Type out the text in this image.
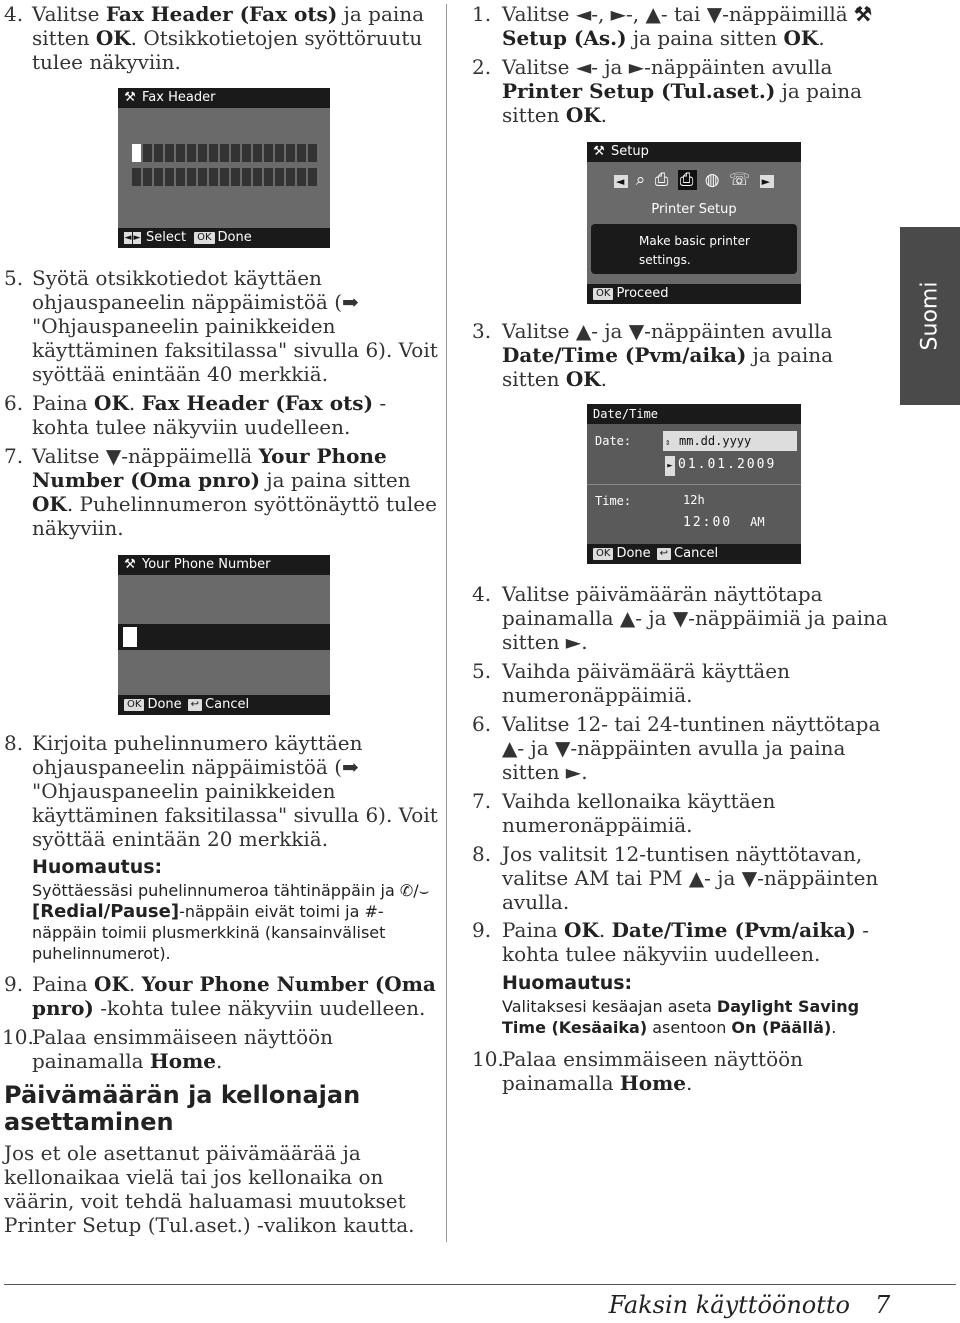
4. Valitse Fax Header (Fax ots) ja paina sitten OK. Otsikkotietojen syöttöruutu tulee näkyviin.
⚒ Fax Header
◄ ► Select OK Done
5. Syötä otsikkotiedot käyttäen ohjauspaneelin näppäimistöä (➡ "Ohjauspaneelin painikkeiden käyttäminen faksitilassa" sivulla 6). Voit syöttää enintään 40 merkkiä.
6. Paina OK. Fax Header (Fax ots) -kohta tulee näkyviin uudelleen.
7. Valitse ▼-näppäimellä Your Phone Number (Oma pnro) ja paina sitten OK. Puhelinnumeron syöttönäyttö tulee näkyviin.
⚒ Your Phone Number
OK Done ↩ Cancel
8. Kirjoita puhelinnumero käyttäen ohjauspaneelin näppäimistöä (➡ "Ohjauspaneelin painikkeiden käyttäminen faksitilassa" sivulla 6). Voit syöttää enintään 20 merkkiä.
Huomautus:
Syöttäessäsi puhelinnumeroa tähtinäppäin ja ✆/⌣ [Redial/Pause]-näppäin eivät toimi ja #-näppäin toimii plusmerkkinä (kansainväliset puhelinnumerot).
9. Paina OK. Your Phone Number (Oma pnro) -kohta tulee näkyviin uudelleen.
10.
Palaa ensimmäiseen näyttöön painamalla Home.
Päivämäärän ja kellonajan asettaminen
Jos et ole asettanut päivämäärää ja kellonaikaa vielä tai jos kellonaika on väärin, voit tehdä haluamasi muutokset Printer Setup (Tul.aset.) -valikon kautta.
1. Valitse ◄-, ►-, ▲- tai ▼-näppäimillä ⚒ Setup (As.) ja paina sitten OK.
2. Valitse ◄- ja ►-näppäinten avulla Printer Setup (Tul.aset.) ja paina sitten OK.
⚒ Setup
◄ ⌕ ⎙ ⎙ ◍ ☏ ►
Printer Setup
Make basic printer settings.
OK Proceed
3. Valitse ▲- ja ▼-näppäinten avulla Date/Time (Pvm/aika) ja paina sitten OK.
Date/Time
Date:	⇕ mm.dd.yyyy
► 01.01.2009
Time:	12h
12:00 AM
OK Done ↩ Cancel
4. Valitse päivämäärän näyttötapa painamalla ▲- ja ▼-näppäimiä ja paina sitten ►.
5. Vaihda päivämäärä käyttäen numeronäppäimiä.
6. Valitse 12- tai 24-tuntinen näyttötapa ▲- ja ▼-näppäinten avulla ja paina sitten ►.
7. Vaihda kellonaika käyttäen numeronäppäimiä.
8. Jos valitsit 12-tuntisen näyttötavan, valitse AM tai PM ▲- ja ▼-näppäinten avulla.
9. Paina OK. Date/Time (Pvm/aika) -kohta tulee näkyviin uudelleen.
Huomautus:
Valitaksesi kesäajan aseta Daylight Saving Time (Kesäaika) asentoon On (Päällä).
10.
Palaa ensimmäiseen näyttöön painamalla Home.
Suomi
Faksin käyttöönotto 7
